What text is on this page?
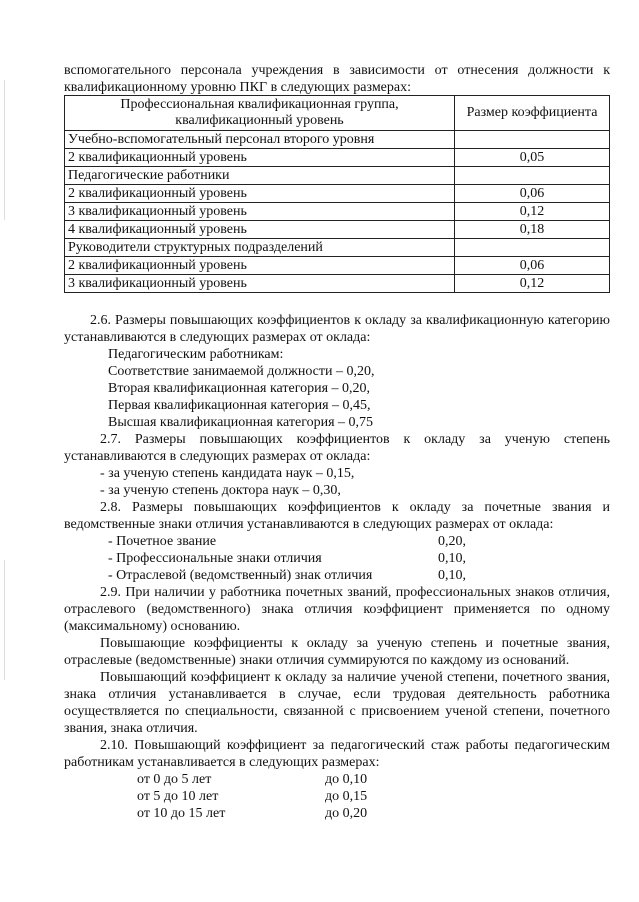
вспомогательного персонала учреждения в зависимости от отнесения должности к квалификационному уровню ПКГ в следующих размерах:
Профессиональная квалификационная группа, квалификационный уровень	Размер коэффициента
Учебно-вспомогательный персонал второго уровня	
2 квалификационный уровень	0,05
Педагогические работники	
2 квалификационный уровень	0,06
3 квалификационный уровень	0,12
4 квалификационный уровень	0,18
Руководители структурных подразделений	
2 квалификационный уровень	0,06
3 квалификационный уровень	0,12
2.6. Размеры повышающих коэффициентов к окладу за квалификационную категорию устанавливаются в следующих размерах от оклада:
Педагогическим работникам:
Соответствие занимаемой должности – 0,20,
Вторая квалификационная категория – 0,20,
Первая квалификационная категория – 0,45,
Высшая квалификационная категория – 0,75
2.7. Размеры повышающих коэффициентов к окладу за ученую степень устанавливаются в следующих размерах от оклада:
- за ученую степень кандидата наук – 0,15,
- за ученую степень доктора наук – 0,30,
2.8. Размеры повышающих коэффициентов к окладу за почетные звания и ведомственные знаки отличия устанавливаются в следующих размерах от оклада:
- Почетное звание	0,20,
- Профессиональные знаки отличия	0,10,
- Отраслевой (ведомственный) знак отличия	0,10,
2.9. При наличии у работника почетных званий, профессиональных знаков отличия, отраслевого (ведомственного) знака отличия коэффициент применяется по одному (максимальному) основанию.
Повышающие коэффициенты к окладу за ученую степень и почетные звания, отраслевые (ведомственные) знаки отличия суммируются по каждому из оснований.
Повышающий коэффициент к окладу за наличие ученой степени, почетного звания, знака отличия устанавливается в случае, если трудовая деятельность работника осуществляется по специальности, связанной с присвоением ученой степени, почетного звания, знака отличия.
2.10. Повышающий коэффициент за педагогический стаж работы педагогическим работникам устанавливается в следующих размерах:
от 0 до 5 лет	до 0,10
от 5 до 10 лет	до 0,15
от 10 до 15 лет	до 0,20
